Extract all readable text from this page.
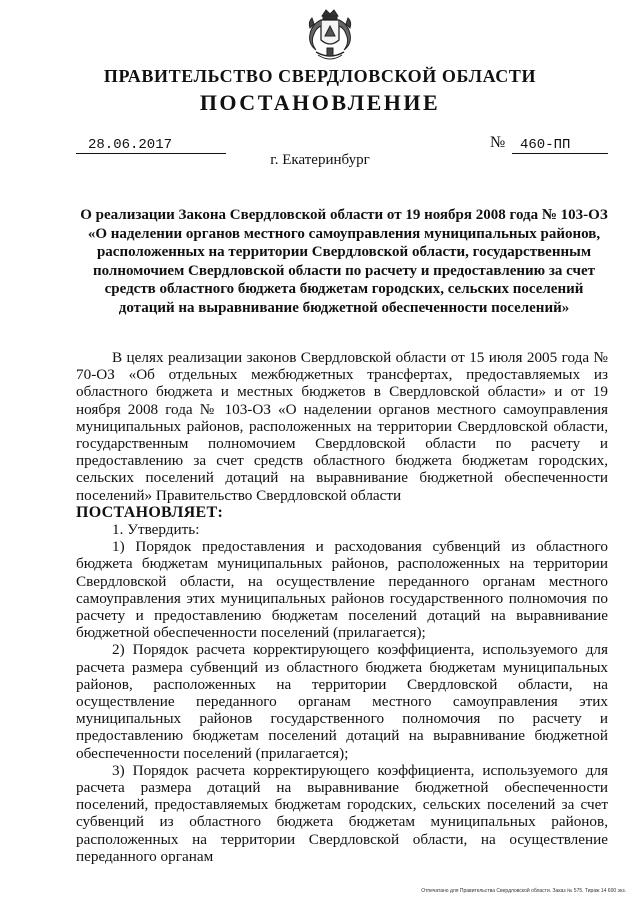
ПРАВИТЕЛЬСТВО СВЕРДЛОВСКОЙ ОБЛАСТИ
ПОСТАНОВЛЕНИЕ
28.06.2017	№	460-ПП
г. Екатеринбург
О реализации Закона Свердловской области от 19 ноября 2008 года № 103-ОЗ
«О наделении органов местного самоуправления муниципальных районов,
расположенных на территории Свердловской области, государственным
полномочием Свердловской области по расчету и предоставлению за счет
средств областного бюджета бюджетам городских, сельских поселений
дотаций на выравнивание бюджетной обеспеченности поселений»

В целях реализации законов Свердловской области от 15 июля 2005 года № 70-ОЗ «Об отдельных межбюджетных трансфертах, предоставляемых из областного бюджета и местных бюджетов в Свердловской области» и от 19 ноября 2008 года № 103-ОЗ «О наделении органов местного самоуправления муниципальных районов, расположенных на территории Свердловской области, государственным полномочием Свердловской области по расчету и предоставлению за счет средств областного бюджета бюджетам городских, сельских поселений дотаций на выравнивание бюджетной обеспеченности поселений» Правительство Свердловской области

ПОСТАНОВЛЯЕТ:

1. Утвердить:

1) Порядок предоставления и расходования субвенций из областного бюджета бюджетам муниципальных районов, расположенных на территории Свердловской области, на осуществление переданного органам местного самоуправления этих муниципальных районов государственного полномочия по расчету и предоставлению бюджетам поселений дотаций на выравнивание бюджетной обеспеченности поселений (прилагается);

2) Порядок расчета корректирующего коэффициента, используемого для расчета размера субвенций из областного бюджета бюджетам муниципальных районов, расположенных на территории Свердловской области, на осуществление переданного органам местного самоуправления этих муниципальных районов государственного полномочия по расчету и предоставлению бюджетам поселений дотаций на выравнивание бюджетной обеспеченности поселений (прилагается);

3) Порядок расчета корректирующего коэффициента, используемого для расчета размера дотаций на выравнивание бюджетной обеспеченности поселений, предоставляемых бюджетам городских, сельских поселений за счет субвенций из областного бюджета бюджетам муниципальных районов, расположенных на территории Свердловской области, на осуществление переданного органам

Отпечатано для Правительства Свердловской области. Заказ № 575. Тираж 14 600 экз.
